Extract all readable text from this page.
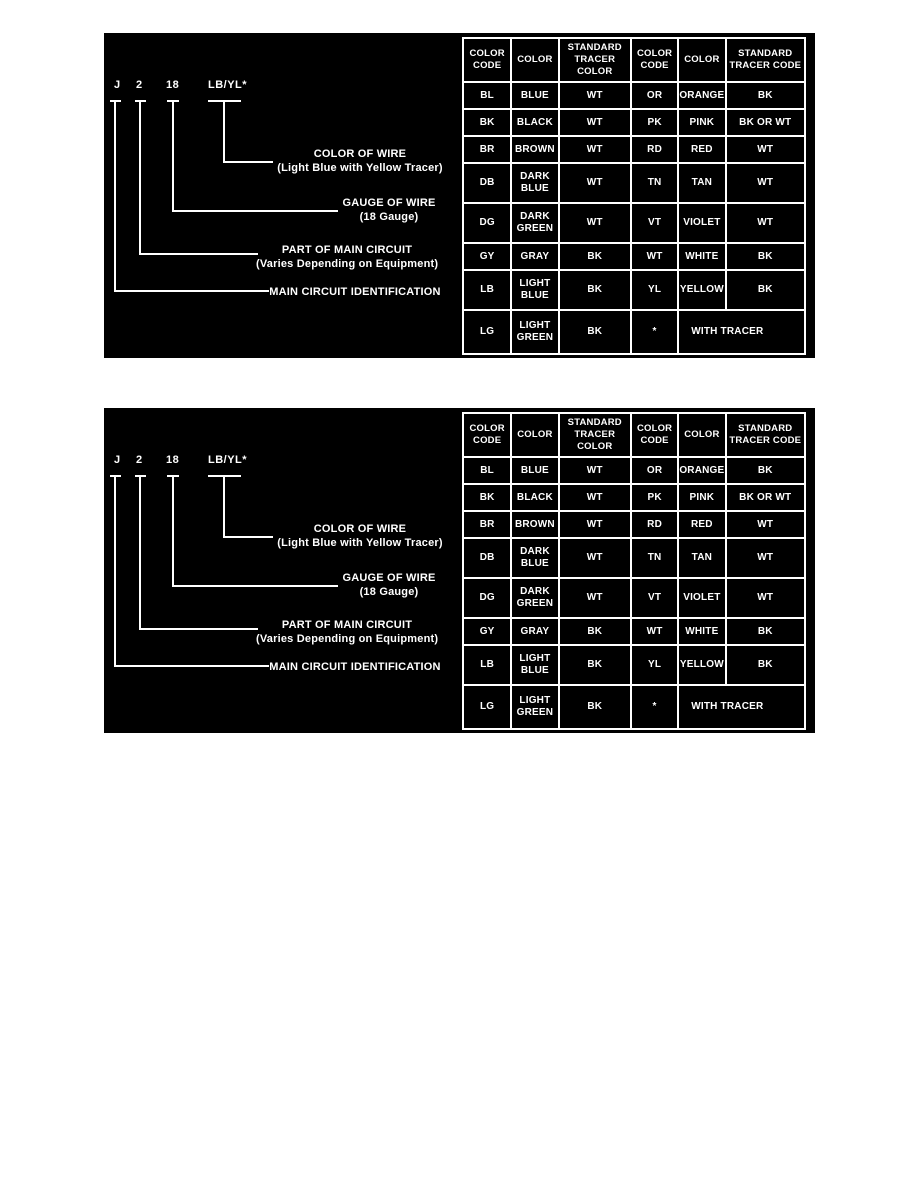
J 2 18	LB/YL*
COLOR OF WIRE
(Light Blue with Yellow Tracer)
GAUGE OF WIRE
(18 Gauge)
PART OF MAIN CIRCUIT
(Varies Depending on Equipment)
MAIN CIRCUIT IDENTIFICATION
COLOR CODE	COLOR	STANDARD TRACER COLOR	COLOR CODE	COLOR	STANDARD TRACER CODE
BL	BLUE	WT	OR	ORANGE	BK
BK	BLACK	WT	PK	PINK	BK OR WT
BR	BROWN	WT	RD	RED	WT
DB	DARK BLUE	WT	TN	TAN	WT
DG	DARK GREEN	WT	VT	VIOLET	WT
GY	GRAY	BK	WT	WHITE	BK
LB	LIGHT BLUE	BK	YL	YELLOW	BK
LG	LIGHT GREEN	BK	*	WITH TRACER	
J 2 18	LB/YL*
COLOR OF WIRE
(Light Blue with Yellow Tracer)
GAUGE OF WIRE
(18 Gauge)
PART OF MAIN CIRCUIT
(Varies Depending on Equipment)
MAIN CIRCUIT IDENTIFICATION
COLOR CODE	COLOR	STANDARD TRACER COLOR	COLOR CODE	COLOR	STANDARD TRACER CODE
BL	BLUE	WT	OR	ORANGE	BK
BK	BLACK	WT	PK	PINK	BK OR WT
BR	BROWN	WT	RD	RED	WT
DB	DARK BLUE	WT	TN	TAN	WT
DG	DARK GREEN	WT	VT	VIOLET	WT
GY	GRAY	BK	WT	WHITE	BK
LB	LIGHT BLUE	BK	YL	YELLOW	BK
LG	LIGHT GREEN	BK	*	WITH TRACER	
